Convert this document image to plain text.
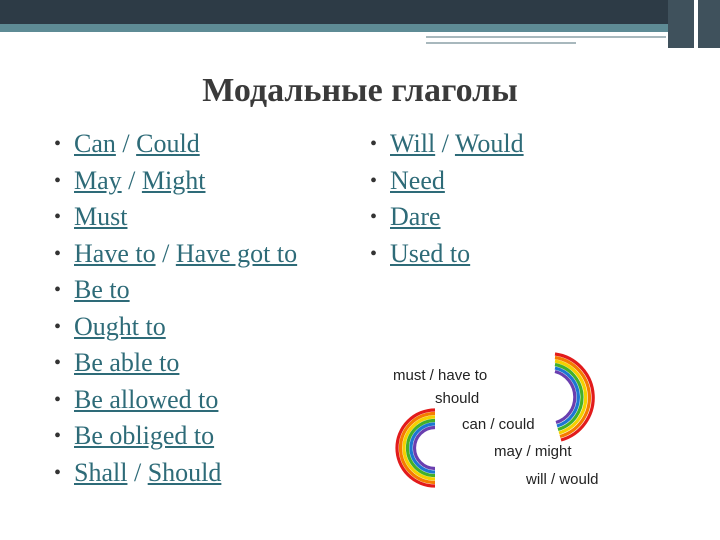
Модальные глаголы
• Can / Could
• May / Might
• Must
• Have to / Have got to
• Be to
• Ought to
• Be able to
• Be allowed to
• Be obliged to
• Shall / Should
• Will / Would
• Need
• Dare
• Used to
must / have to
should
can / could
may / might
will / would
